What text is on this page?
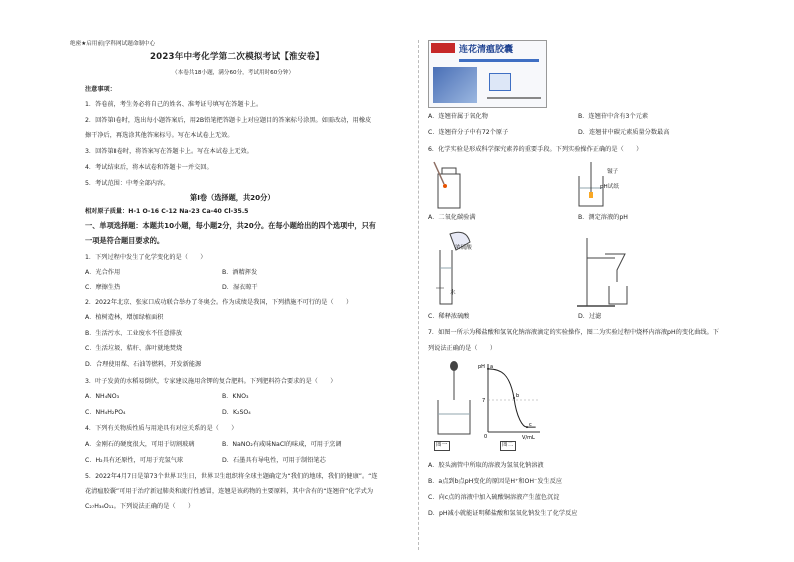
绝密★启用前|学科网试题命制中心
2023年中考化学第二次模拟考试【淮安卷】
（本卷共18小题，满分60分，考试用时60分钟）
注意事项：
1．答卷前，考生务必将自己的姓名、准考证号填写在答题卡上。
2．回答第Ⅰ卷时，选出每小题答案后，用2B铅笔把答题卡上对应题目的答案标号涂黑。如需改动，用橡皮
擦干净后，再选涂其他答案标号。写在本试卷上无效。
3．回答第Ⅱ卷时，将答案写在答题卡上。写在本试卷上无效。
4．考试结束后，将本试卷和答题卡一并交回。
5．考试范围：中考全部内容。
第Ⅰ卷（选择题，共20分）
相对原子质量：H-1 O-16 C-12 Na-23 Ca-40 Cl-35.5
一、单项选择题：本题共10小题，每小题2分，共20分。在每小题给出的四个选项中，只有
一项是符合题目要求的。
1．下列过程中发生了化学变化的是（　　）
A．光合作用	B．酒精挥发
C．摩擦生热	D．湿衣晾干
2．2022年北京、张家口成功联合举办了冬奥会。作为成绩是我国，下列措施不可行的是（　　）
A．植树造林，增加绿植面积
B．生活污水、工业废水不任意排放
C．生活垃圾、秸秆、落叶就地焚烧
D．合理使用煤、石油等燃料，开发新能源
3．叶子发黄的水稻易倒伏，专家建议施用含钾的复合肥料。下列肥料符合要求的是（　　）
A．NH₄NO₃	B．KNO₃
C．NH₄H₂PO₄	D．K₂SO₄
4．下列有关物质性质与用途具有对应关系的是（　　）
A．金刚石的硬度很大，可用于切割玻璃	B．NaNO₂有咸味NaCl的味咸，可用于烹调
C．H₂具有还原性，可用于充氢气球	D．石墨具有导电性，可用于制铅笔芯
5．2022年4月7日是第73个世界卫生日，世界卫生组织将全球主题确定为“我们的地球，我们的健康”。“连
花清瘟胶囊”可用于治疗新冠肺炎和流行性感冒，连翘是该药物的主要原料，其中含有的“连翘苷”化学式为
C₂₇H₃₄O₁₁。下列说法正确的是（　　）
连花清瘟胶囊
A．连翘苷属于氧化物	B．连翘苷中含有3个元素
C．连翘苷分子中有72个原子	D．连翘苷中碳元素质量分数最高
6．化学实验是形成科学探究素养的重要手段。下列实验操作正确的是（　　）
A．二氧化碳验满
镊子
pH试纸
B．测定溶液的pH
浓硫酸
水
C．稀释浓硫酸	D．过滤
7．如图一所示为稀盐酸和氢氧化钠溶液滴定的实验操作，图二为实验过程中烧杯内溶液pH的变化曲线。下
列说法正确的是（　　）
图一
pH
7
0	V/mL
a
b
c
图二
A．胶头滴管中所取的溶液为氢氧化钠溶液
B．a点到b点pH变化的原因是H⁺和OH⁻发生反应
C．向c点的溶液中加入硫酸铜溶液产生蓝色沉淀
D．pH减小就能证明稀盐酸和氢氧化钠发生了化学反应
